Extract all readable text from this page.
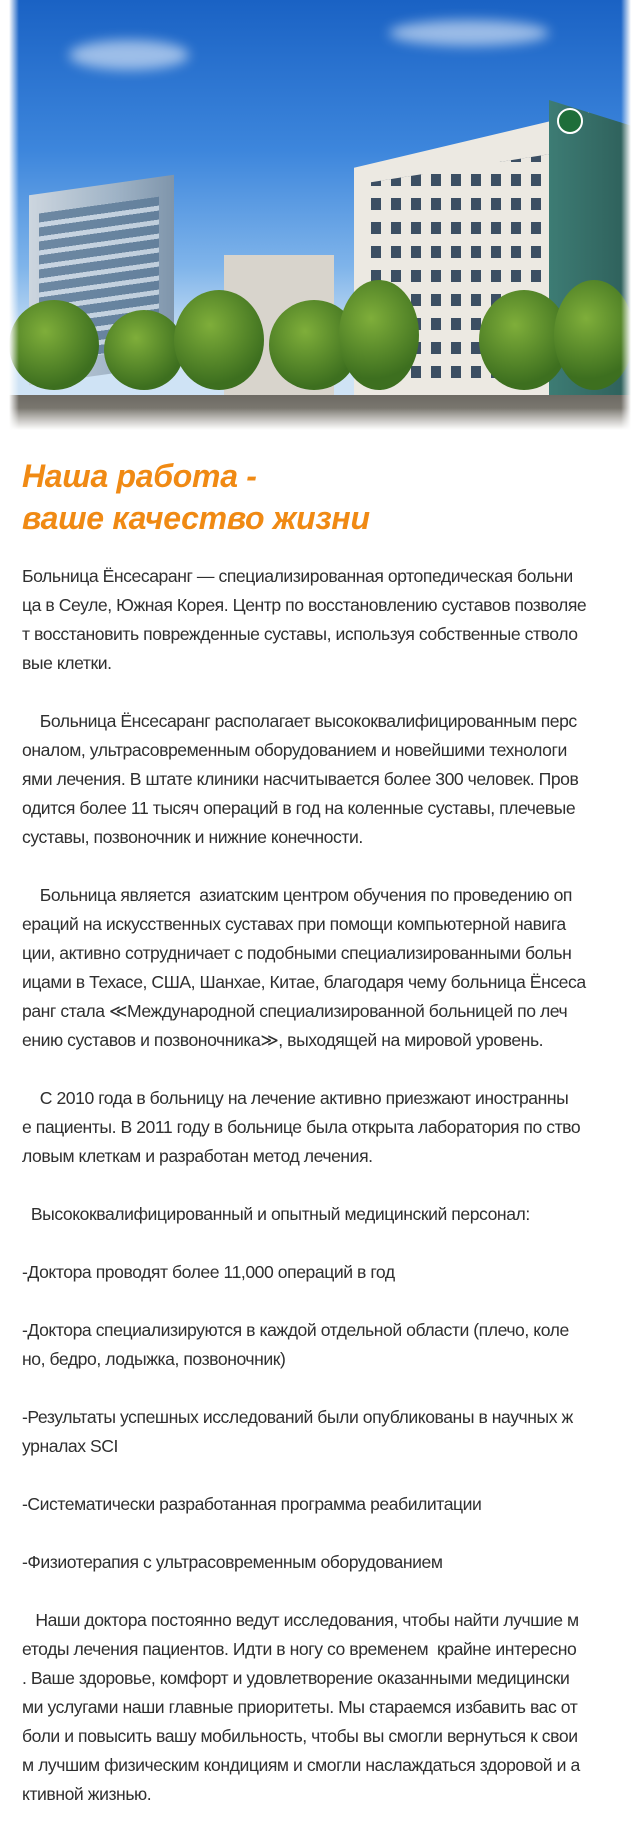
Наша работа -
ваше качество жизни

Больница Ёнсесаранг — специализированная ортопедическая больни
ца в Сеуле, Южная Корея. Центр по восстановлению суставов позволяе
т восстановить поврежденные суставы, используя собственные стволо
вые клетки.

Больница Ёнсесаранг располагает высококвалифицированным перс
оналом, ультрасовременным оборудованием и новейшими технологи
ями лечения. В штате клиники насчитывается более 300 человек. Пров
одится более 11 тысяч операций в год на коленные суставы, плечевые
суставы, позвоночник и нижние конечности.

Больница является  азиатским центром обучения по проведению оп
ераций на искусственных суставах при помощи компьютерной навига
ции, активно сотрудничает с подобными специализированными больн
ицами в Техасе, США, Шанхае, Китае, благодаря чему больница Ёнсеса
ранг стала ≪Международной специализированной больницей по леч
ению суставов и позвоночника≫, выходящей на мировой уровень.

С 2010 года в больницу на лечение активно приезжают иностранны
е пациенты. В 2011 году в больнице была открыта лаборатория по ство
ловым клеткам и разработан метод лечения.

Высококвалифицированный и опытный медицинский персонал:

-Доктора проводят более 11,000 операций в год

-Доктора специализируются в каждой отдельной области (плечо, коле
но, бедро, лодыжка, позвоночник)

-Результаты успешных исследований были опубликованы в научных ж
урналах SCI

-Систематически разработанная программа реабилитации

-Физиотерапия с ультрасовременным оборудованием

Наши доктора постоянно ведут исследования, чтобы найти лучшие м
етоды лечения пациентов. Идти в ногу со временем  крайне интересно
. Ваше здоровье, комфорт и удовлетворение оказанными медицински
ми услугами наши главные приоритеты. Мы стараемся избавить вас от
боли и повысить вашу мобильность, чтобы вы смогли вернуться к свои
м лучшим физическим кондициям и смогли наслаждаться здоровой и а
ктивной жизнью.
